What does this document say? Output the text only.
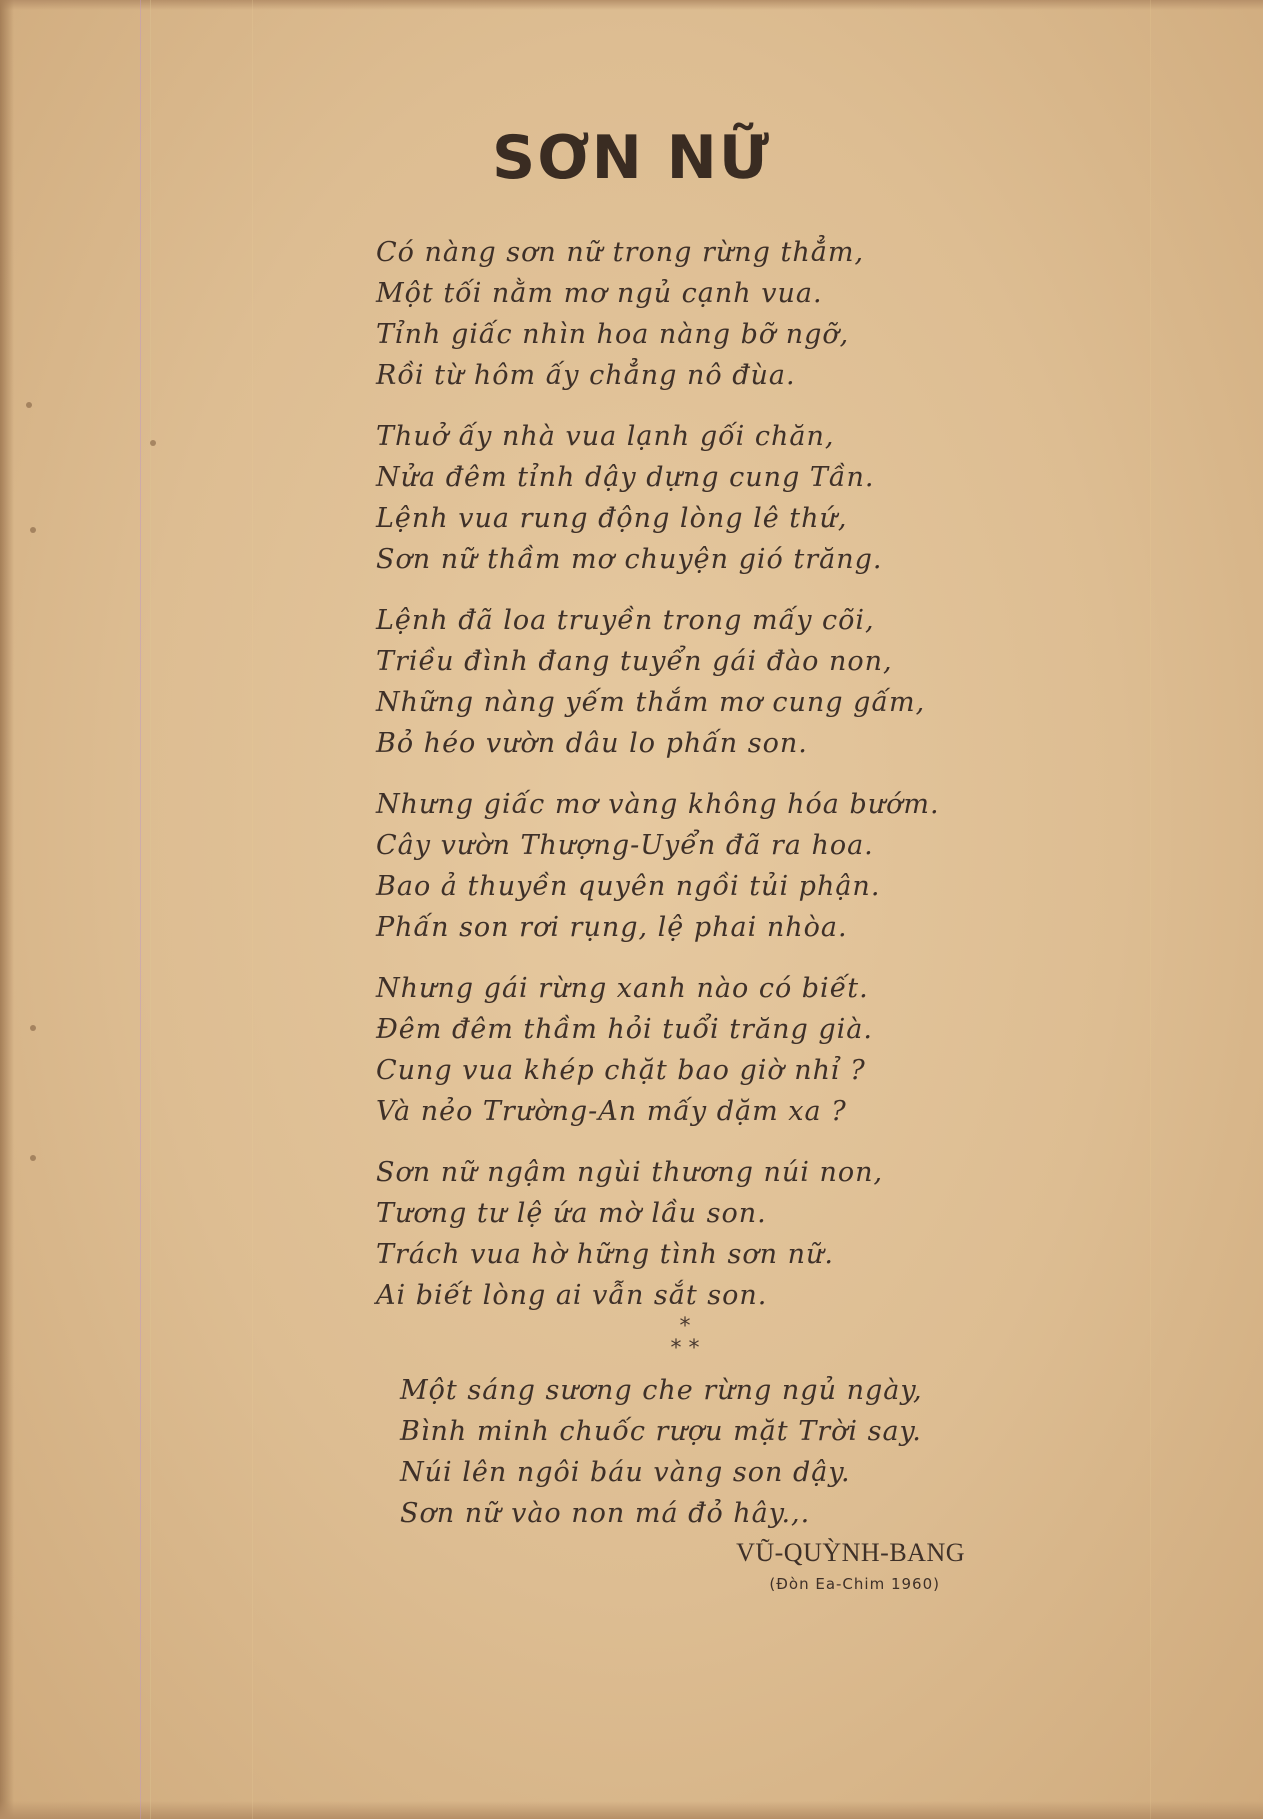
SƠN NỮ
Có nàng sơn nữ trong rừng thẳm,
Một tối nằm mơ ngủ cạnh vua.
Tỉnh giấc nhìn hoa nàng bỡ ngỡ,
Rồi từ hôm ấy chẳng nô đùa.
Thuở ấy nhà vua lạnh gối chăn,
Nửa đêm tỉnh dậy dựng cung Tần.
Lệnh vua rung động lòng lê thứ,
Sơn nữ thầm mơ chuyện gió trăng.
Lệnh đã loa truyền trong mấy cõi,
Triều đình đang tuyển gái đào non,
Những nàng yếm thắm mơ cung gấm,
Bỏ héo vườn dâu lo phấn son.
Nhưng giấc mơ vàng không hóa bướm.
Cây vườn Thượng-Uyển đã ra hoa.
Bao ả thuyền quyên ngồi tủi phận.
Phấn son rơi rụng, lệ phai nhòa.
Nhưng gái rừng xanh nào có biết.
Đêm đêm thầm hỏi tuổi trăng già.
Cung vua khép chặt bao giờ nhỉ ?
Và nẻo Trường-An mấy dặm xa ?
Sơn nữ ngậm ngùi thương núi non,
Tương tư lệ ứa mờ lầu son.
Trách vua hờ hững tình sơn nữ.
Ai biết lòng ai vẫn sắt son.
*
* *
Một sáng sương che rừng ngủ ngày,
Bình minh chuốc rượu mặt Trời say.
Núi lên ngôi báu vàng son dậy.
Sơn nữ vào non má đỏ hây.,.
VŨ-QUỲNH-BANG
(Đòn Ea-Chim 1960)
